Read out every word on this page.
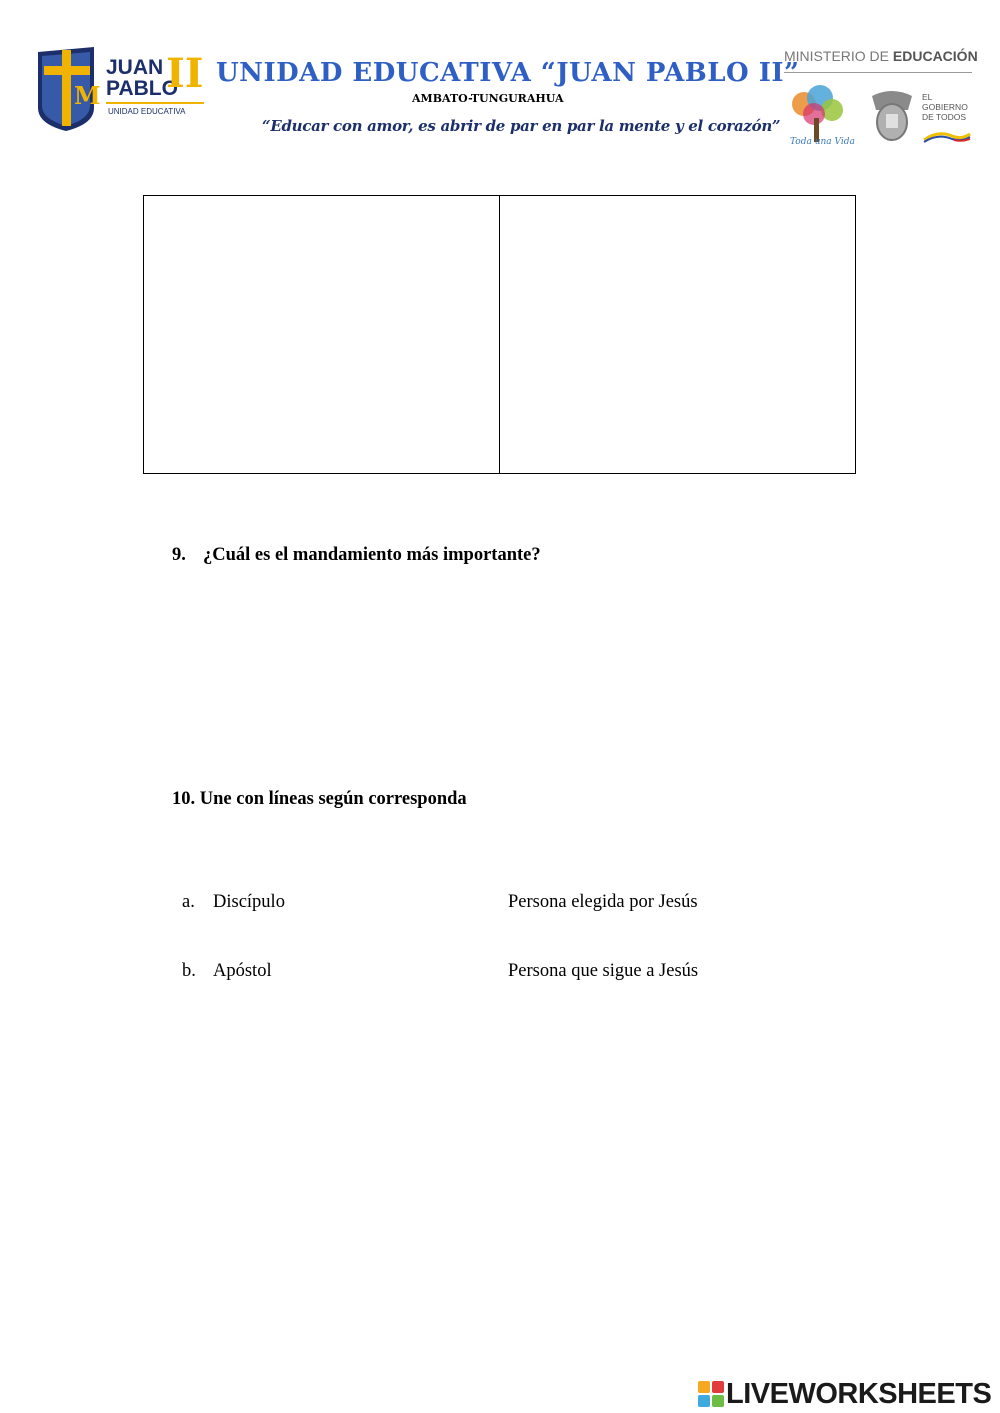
M
JUAN
PABLO
II
UNIDAD EDUCATIVA
UNIDAD EDUCATIVA “JUAN PABLO II”
AMBATO-TUNGURAHUA
“Educar con amor, es abrir de par en par la mente y el corazón”
MINISTERIO DE EDUCACIÓN
Toda una Vida
EL
GOBIERNO
DE TODOS
9. ¿Cuál es el mandamiento más importante?
10. Une con líneas según corresponda
a. Discípulo
b. Apóstol
Persona elegida por Jesús
Persona que sigue a Jesús
LIVEWORKSHEETS
